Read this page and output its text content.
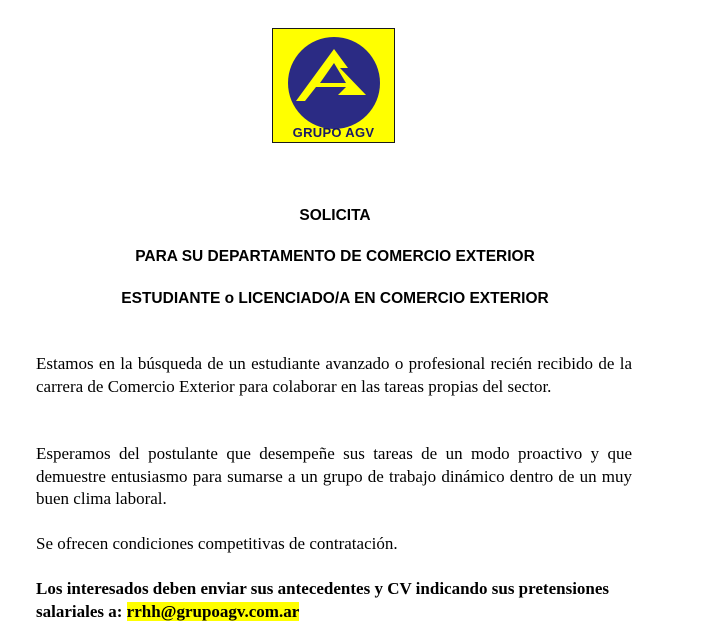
GRUPO AGV
SOLICITA
PARA SU DEPARTAMENTO DE COMERCIO EXTERIOR
ESTUDIANTE o LICENCIADO/A EN COMERCIO EXTERIOR

Estamos en la búsqueda de un estudiante avanzado o profesional recién recibido de la carrera de Comercio Exterior para colaborar en las tareas propias del sector.

Esperamos del postulante que desempeñe sus tareas de un modo proactivo y que demuestre entusiasmo para sumarse a un grupo de trabajo dinámico dentro de un muy buen clima laboral.

Se ofrecen condiciones competitivas de contratación.

Los interesados deben enviar sus antecedentes y CV indicando sus pretensiones salariales a: rrhh@grupoagv.com.ar
